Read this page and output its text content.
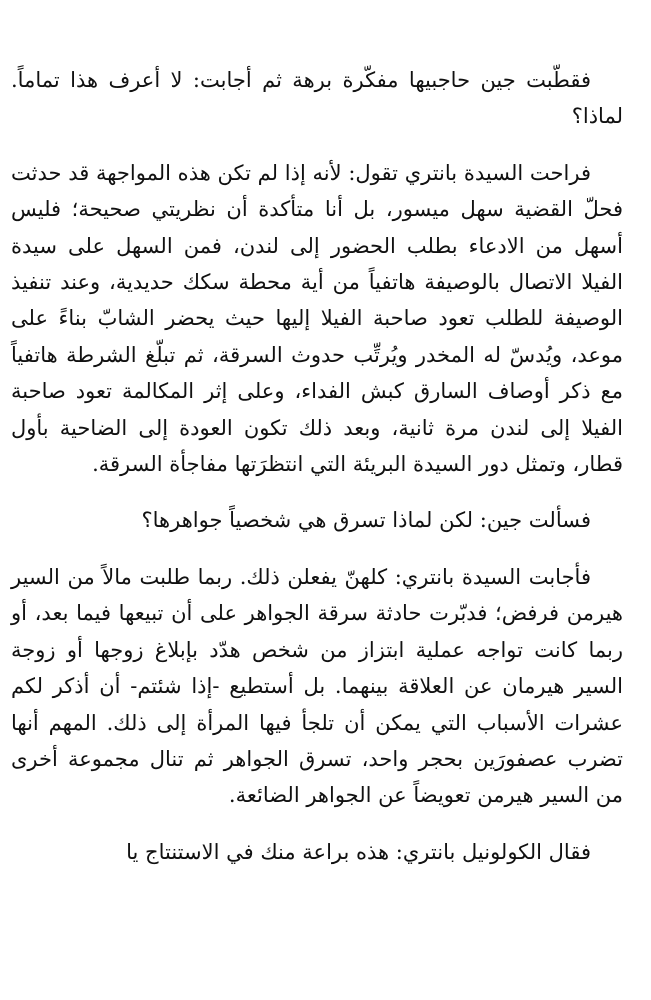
فقطّبت جين حاجبيها مفكّرة برهة ثم أجابت: لا أعرف هذا تماماً. لماذا؟

فراحت السيدة بانتري تقول: لأنه إذا لم تكن هذه المواجهة قد حدثت فحلّ القضية سهل ميسور، بل أنا متأكدة أن نظريتي صحيحة؛ فليس أسهل من الادعاء بطلب الحضور إلى لندن، فمن السهل على سيدة الفيلا الاتصال بالوصيفة هاتفياً من أية محطة سكك حديدية، وعند تنفيذ الوصيفة للطلب تعود صاحبة الفيلا إليها حيث يحضر الشابّ بناءً على موعد، ويُدسّ له المخدر ويُرتِّب حدوث السرقة، ثم تبلّغ الشرطة هاتفياً مع ذكر أوصاف السارق كبش الفداء، وعلى إثر المكالمة تعود صاحبة الفيلا إلى لندن مرة ثانية، وبعد ذلك تكون العودة إلى الضاحية بأول قطار، وتمثل دور السيدة البريئة التي انتظرَتها مفاجأة السرقة.

فسألت جين: لكن لماذا تسرق هي شخصياً جواهرها؟

فأجابت السيدة بانتري: كلهنّ يفعلن ذلك. ربما طلبت مالاً من السير هيرمن فرفض؛ فدبّرت حادثة سرقة الجواهر على أن تبيعها فيما بعد، أو ربما كانت تواجه عملية ابتزاز من شخص هدّد بإبلاغ زوجها أو زوجة السير هيرمان عن العلاقة بينهما. بل أستطيع -إذا شئتم- أن أذكر لكم عشرات الأسباب التي يمكن أن تلجأ فيها المرأة إلى ذلك. المهم أنها تضرب عصفورَين بحجر واحد، تسرق الجواهر ثم تنال مجموعة أخرى من السير هيرمن تعويضاً عن الجواهر الضائعة.

فقال الكولونيل بانتري: هذه براعة منك في الاستنتاج يا
